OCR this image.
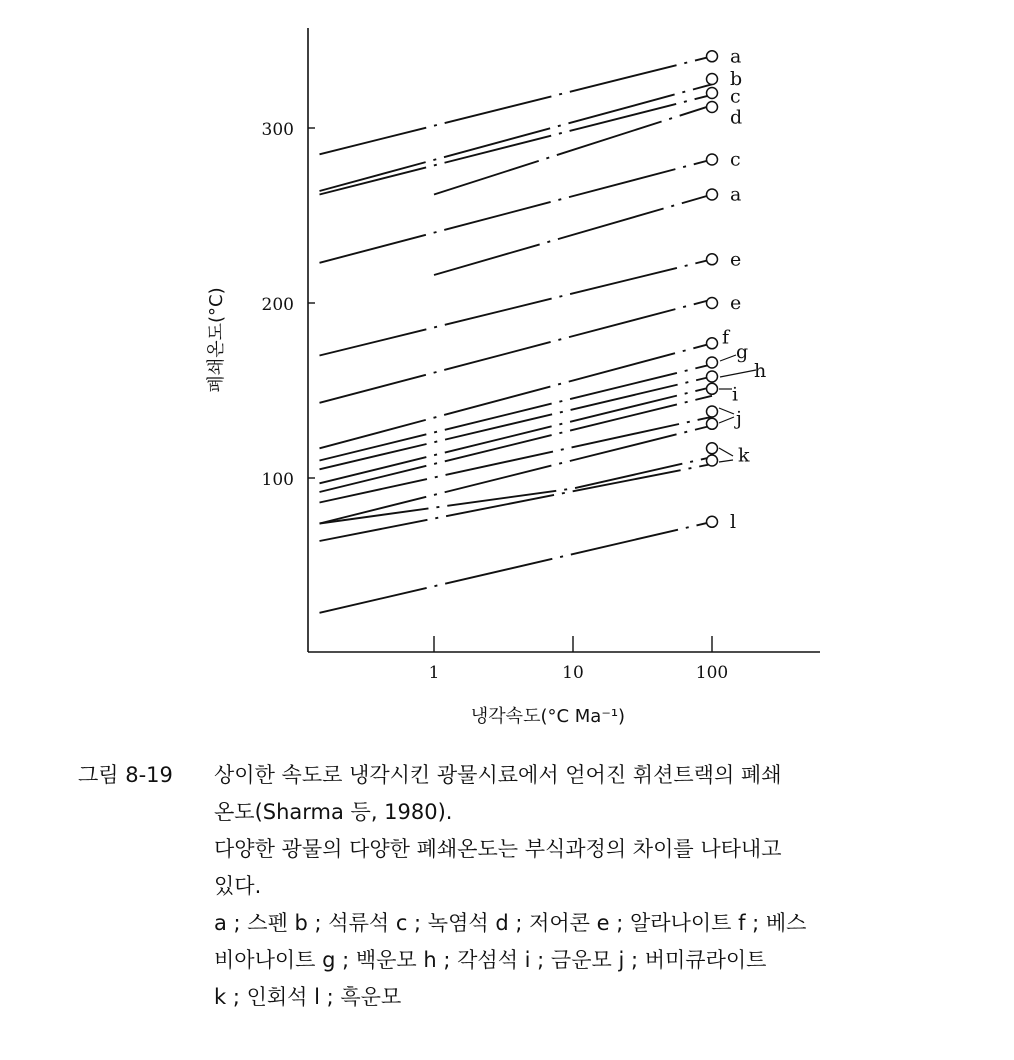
300
200
100
1	10	100
냉각속도(°C Ma⁻¹)
폐쇄온도(°C)
a
b
c
d
c
a
e
e
f
g
h
i
j
k
l
그림 8-19	상이한 속도로 냉각시킨 광물시료에서 얻어진 휘션트랙의 폐쇄
온도(Sharma 등, 1980).
다양한 광물의 다양한 폐쇄온도는 부식과정의 차이를 나타내고
있다.
a ; 스펜 b ; 석류석 c ; 녹염석 d ; 저어콘 e ; 알라나이트 f ; 베스
비아나이트 g ; 백운모 h ; 각섬석 i ; 금운모 j ; 버미큐라이트
k ; 인회석 l ; 흑운모
